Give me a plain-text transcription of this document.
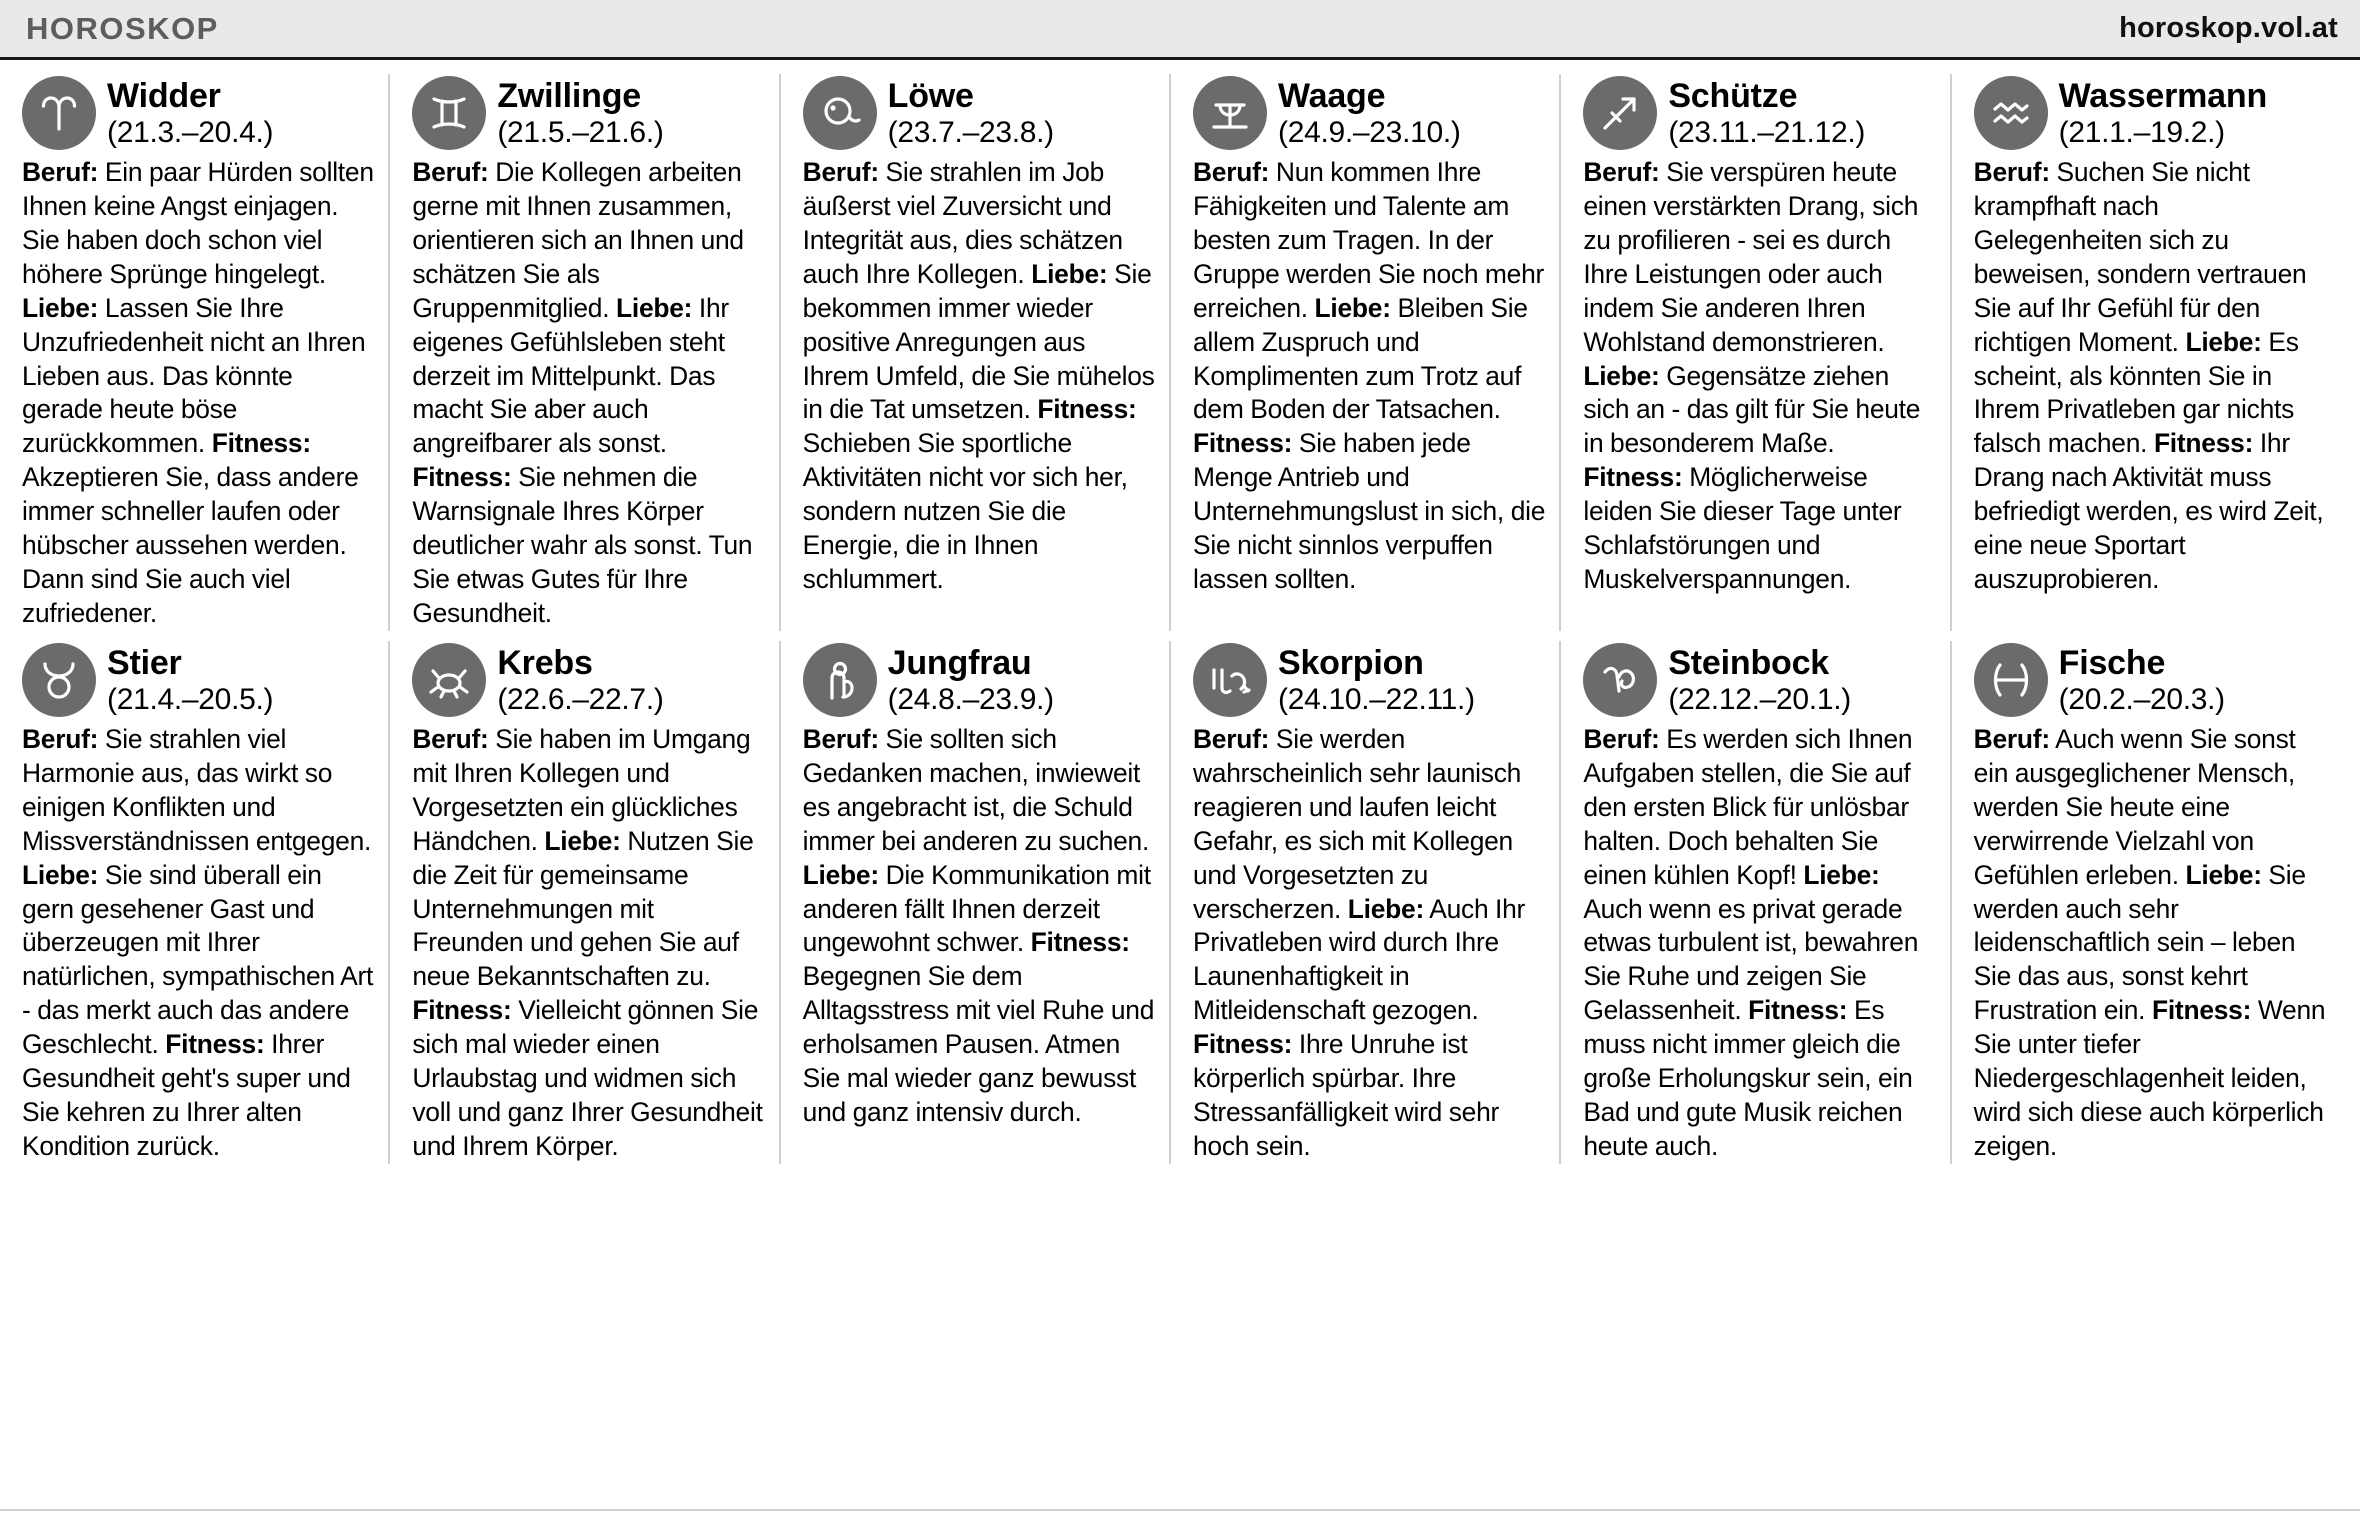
HOROSKOP	horoskop.vol.at
Widder
(21.3.–20.4.)
Beruf: Ein paar Hürden sollten Ihnen keine Angst einjagen. Sie haben doch schon viel höhere Sprünge hingelegt. Liebe: Lassen Sie Ihre Unzufriedenheit nicht an Ihren Lieben aus. Das könnte gerade heute böse zurückkommen. Fitness: Akzeptieren Sie, dass andere immer schneller laufen oder hübscher aussehen werden. Dann sind Sie auch viel zufriedener.
Zwillinge
(21.5.–21.6.)
Beruf: Die Kollegen arbeiten gerne mit Ihnen zusammen, orientieren sich an Ihnen und schätzen Sie als Gruppenmitglied. Liebe: Ihr eigenes Gefühlsleben steht derzeit im Mittelpunkt. Das macht Sie aber auch angreifbarer als sonst. Fitness: Sie nehmen die Warnsignale Ihres Körper deutlicher wahr als sonst. Tun Sie etwas Gutes für Ihre Gesundheit.
Löwe
(23.7.–23.8.)
Beruf: Sie strahlen im Job äußerst viel Zuversicht und Integrität aus, dies schätzen auch Ihre Kollegen. Liebe: Sie bekommen immer wieder positive Anregungen aus Ihrem Umfeld, die Sie mühelos in die Tat umsetzen. Fitness: Schieben Sie sportliche Aktivitäten nicht vor sich her, sondern nutzen Sie die Energie, die in Ihnen schlummert.
Waage
(24.9.–23.10.)
Beruf: Nun kommen Ihre Fähigkeiten und Talente am besten zum Tragen. In der Gruppe werden Sie noch mehr erreichen. Liebe: Bleiben Sie allem Zuspruch und Komplimenten zum Trotz auf dem Boden der Tatsachen. Fitness: Sie haben jede Menge Antrieb und Unternehmungslust in sich, die Sie nicht sinnlos verpuffen lassen sollten.
Schütze
(23.11.–21.12.)
Beruf: Sie verspüren heute einen verstärkten Drang, sich zu profilieren - sei es durch Ihre Leistungen oder auch indem Sie anderen Ihren Wohlstand demonstrieren. Liebe: Gegensätze ziehen sich an - das gilt für Sie heute in besonderem Maße. Fitness: Möglicherweise leiden Sie dieser Tage unter Schlafstörungen und Muskelverspannungen.
Wassermann
(21.1.–19.2.)
Beruf: Suchen Sie nicht krampfhaft nach Gelegenheiten sich zu beweisen, sondern vertrauen Sie auf Ihr Gefühl für den richtigen Moment. Liebe: Es scheint, als könnten Sie in Ihrem Privatleben gar nichts falsch machen. Fitness: Ihr Drang nach Aktivität muss befriedigt werden, es wird Zeit, eine neue Sportart auszuprobieren.
Stier
(21.4.–20.5.)
Beruf: Sie strahlen viel Harmonie aus, das wirkt so einigen Konflikten und Missverständnissen entgegen. Liebe: Sie sind überall ein gern gesehener Gast und überzeugen mit Ihrer natürlichen, sympathischen Art - das merkt auch das andere Geschlecht. Fitness: Ihrer Gesundheit geht's super und Sie kehren zu Ihrer alten Kondition zurück.
Krebs
(22.6.–22.7.)
Beruf: Sie haben im Umgang mit Ihren Kollegen und Vorgesetzten ein glückliches Händchen. Liebe: Nutzen Sie die Zeit für gemeinsame Unternehmungen mit Freunden und gehen Sie auf neue Bekanntschaften zu. Fitness: Vielleicht gönnen Sie sich mal wieder einen Urlaubstag und widmen sich voll und ganz Ihrer Gesundheit und Ihrem Körper.
Jungfrau
(24.8.–23.9.)
Beruf: Sie sollten sich Gedanken machen, inwieweit es angebracht ist, die Schuld immer bei anderen zu suchen. Liebe: Die Kommunikation mit anderen fällt Ihnen derzeit ungewohnt schwer. Fitness: Begegnen Sie dem Alltagsstress mit viel Ruhe und erholsamen Pausen. Atmen Sie mal wieder ganz bewusst und ganz intensiv durch.
Skorpion
(24.10.–22.11.)
Beruf: Sie werden wahrscheinlich sehr launisch reagieren und laufen leicht Gefahr, es sich mit Kollegen und Vorgesetzten zu verscherzen. Liebe: Auch Ihr Privatleben wird durch Ihre Launenhaftigkeit in Mitleidenschaft gezogen. Fitness: Ihre Unruhe ist körperlich spürbar. Ihre Stressanfälligkeit wird sehr hoch sein.
Steinbock
(22.12.–20.1.)
Beruf: Es werden sich Ihnen Aufgaben stellen, die Sie auf den ersten Blick für unlösbar halten. Doch behalten Sie einen kühlen Kopf! Liebe: Auch wenn es privat gerade etwas turbulent ist, bewahren Sie Ruhe und zeigen Sie Gelassenheit. Fitness: Es muss nicht immer gleich die große Erholungskur sein, ein Bad und gute Musik reichen heute auch.
Fische
(20.2.–20.3.)
Beruf: Auch wenn Sie sonst ein ausgeglichener Mensch, werden Sie heute eine verwirrende Vielzahl von Gefühlen erleben. Liebe: Sie werden auch sehr leidenschaftlich sein – leben Sie das aus, sonst kehrt Frustration ein. Fitness: Wenn Sie unter tiefer Niedergeschlagenheit leiden, wird sich diese auch körperlich zeigen.
